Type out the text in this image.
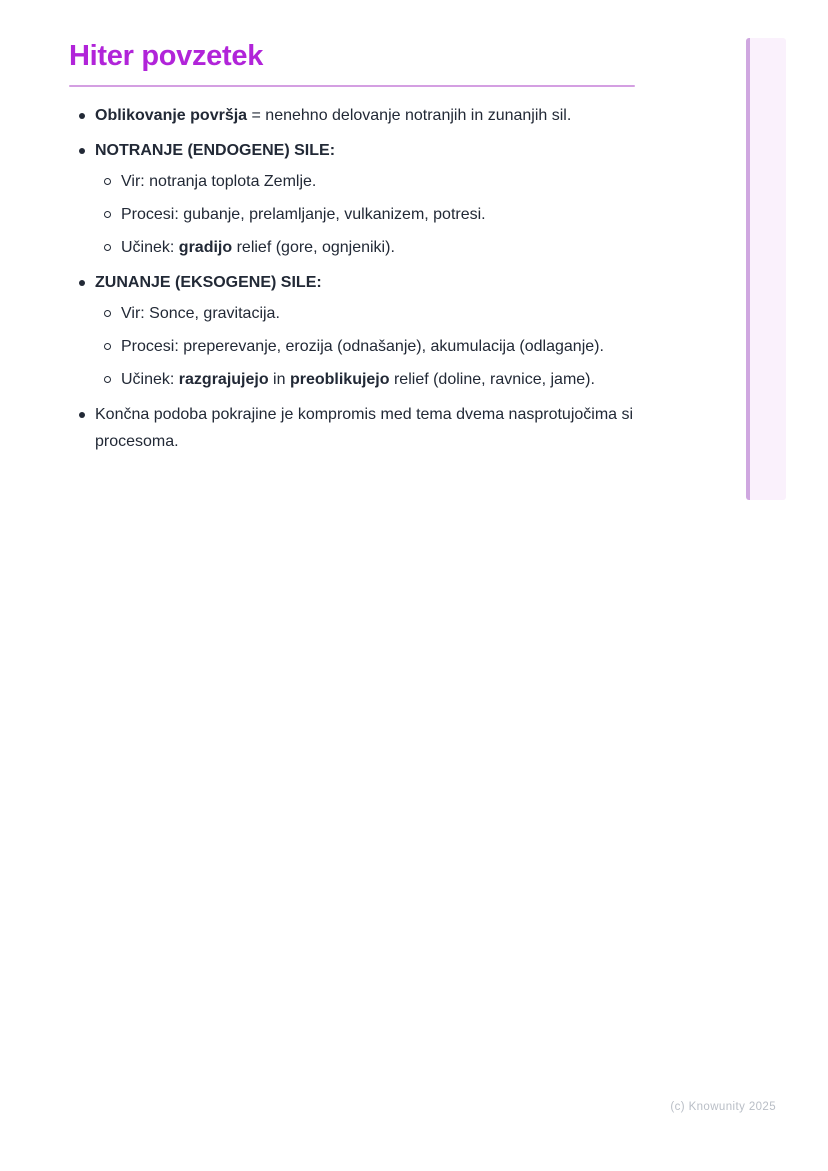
Hiter povzetek
Oblikovanje površja = nenehno delovanje notranjih in zunanjih sil.
NOTRANJE (ENDOGENE) SILE:
Vir: notranja toplota Zemlje.
Procesi: gubanje, prelamljanje, vulkanizem, potresi.
Učinek: gradijo relief (gore, ognjeniki).
ZUNANJE (EKSOGENE) SILE:
Vir: Sonce, gravitacija.
Procesi: preperevanje, erozija (odnašanje), akumulacija (odlaganje).
Učinek: razgrajujejo in preoblikujejo relief (doline, ravnice, jame).
Končna podoba pokrajine je kompromis med tema dvema nasprotujočima si procesoma.
(c) Knowunity 2025
